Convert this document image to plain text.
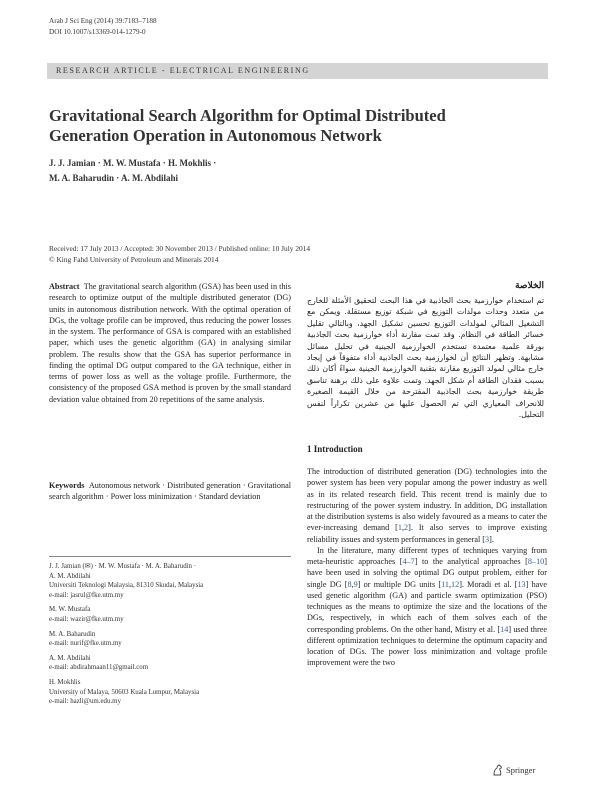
Arab J Sci Eng (2014) 39:7183–7188
DOI 10.1007/s13369-014-1279-0
RESEARCH ARTICLE - ELECTRICAL ENGINEERING
Gravitational Search Algorithm for Optimal Distributed
Generation Operation in Autonomous Network
J. J. Jamian · M. W. Mustafa · H. Mokhlis ·
M. A. Baharudin · A. M. Abdilahi
Received: 17 July 2013 / Accepted: 30 November 2013 / Published online: 10 July 2014
© King Fahd University of Petroleum and Minerals 2014
Abstract The gravitational search algorithm (GSA) has been used in this research to optimize output of the multiple distributed generator (DG) units in autonomous distribution network. With the optimal operation of DGs, the voltage profile can be improved, thus reducing the power losses in the system. The performance of GSA is compared with an established paper, which uses the genetic algorithm (GA) in analysing similar problem. The results show that the GSA has superior performance in finding the optimal DG output compared to the GA technique, either in terms of power loss as well as the voltage profile. Furthermore, the consistency of the proposed GSA method is proven by the small standard deviation value obtained from 20 repetitions of the same analysis.
Keywords Autonomous network · Distributed generation · Gravitational search algorithm · Power loss minimization · Standard deviation
J. J. Jamian (✉) · M. W. Mustafa · M. A. Baharudin ·
A. M. Abdilahi
Universiti Teknologi Malaysia, 81310 Skudai, Malaysia
e-mail: jasrul@fke.utm.my
M. W. Mustafa
e-mail: wazir@fke.utm.my
M. A. Baharudin
e-mail: nurif@fke.utm.my
A. M. Abdilahi
e-mail: abdirahmaan11@gmail.com
H. Mokhlis
University of Malaya, 50603 Kuala Lumpur, Malaysia
e-mail: hazli@um.edu.my
الخلاصة
تم استخدام خوارزمية بحث الجاذبية في هذا البحث لتحقيق الأمثلة للخارج من متعدد وحدات مولدات التوزيع في شبكة توزيع مستقلة. ويمكن مع التشغيل المثالي لمولدات التوزيع تحسين تشكيل الجهد، وبالتالي تقليل خسائر الطاقة في النظام. وقد تمت مقارنة أداء خوارزمية بحث الجاذبية بورقة علمية معتمدة تستخدم الخوارزمية الجينية في تحليل مسائل مشابهة. وتظهر النتائج أن لخوارزمية بحث الجاذبية أداء متفوقاً في إيجاد خارج مثالي لمولد التوزيع مقارنة بتقنية الخوارزمية الجينية سواءً أكان ذلك بسبب فقدان الطاقة أم شكل الجهد. وتمت علاوة على ذلك برهنة تناسق طريقة خوارزمية بحث الجاذبية المقترحة من خلال القيمة الصغيرة للانحراف المعياري التي تم الحصول عليها من عشرين تكراراً لنفس التحليل.
1 Introduction

The introduction of distributed generation (DG) technologies into the power system has been very popular among the power industry as well as in its related research field. This recent trend is mainly due to restructuring of the power system industry. In addition, DG installation at the distribution systems is also widely favoured as a means to cater the ever-increasing demand [1,2]. It also serves to improve existing reliability issues and system performances in general [3].

In the literature, many different types of techniques varying from meta-heuristic approaches [4–7] to the analytical approaches [8–10] have been used in solving the optimal DG output problem, either for single DG [8,9] or multiple DG units [11,12]. Moradi et al. [13] have used genetic algorithm (GA) and particle swarm optimization (PSO) techniques as the means to optimize the size and the locations of the DGs, respectively, in which each of them solves each of the corresponding problems. On the other hand, Mistry et al. [14] used three different optimization techniques to determine the optimum capacity and location of DGs. The power loss minimization and voltage profile improvement were the two

Springer
